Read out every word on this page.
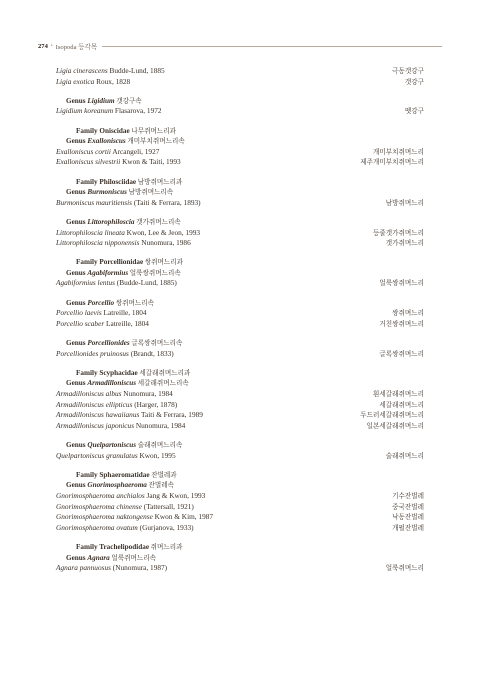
274 • Isopoda 등각목
Ligia cinerascens Budde-Lund, 1885	극동갯강구
Ligia exotica Roux, 1828	갯강구
Genus Ligidium 갯강구속
Ligidium koreanum Flasarova, 1972	뗏강구
Family Oniscidae 나무쥐며느리과
Genus Exalloniscus 개미부치쥐며느리속
Exalloniscus cortii Arcangeli, 1927	개미부치쥐며느리
Exalloniscus silvestrii Kwon & Taiti, 1993	제주개미부치쥐며느리
Family Philosciidae 남방쥐며느리과
Genus Burmoniscus 남방쥐며느리속
Burmoniscus mauritiensis (Taiti & Ferrara, 1893)	남방쥐며느리
Genus Littorophiloscia 갯가쥐며느리속
Littorophiloscia lineata Kwon, Lee & Jeon, 1993	등줄갯가쥐며느리
Littorophiloscia nipponensis Nunomura, 1986	갯가쥐며느리
Family Porcellionidae 쌍쥐며느리과
Genus Agabiformius 얼룩쌍쥐며느리속
Agabiformius lentus (Budde-Lund, 1885)	얼룩쌍쥐며느리
Genus Porcellio 쌍쥐며느리속
Porcellio laevis Latreille, 1804	쌍쥐며느리
Porcellio scaber Latreille, 1804	거친쌍쥐며느리
Genus Porcellionides 글록쌍쥐며느리속
Porcellionides pruinosus (Brandt, 1833)	글록쌍쥐며느리
Family Scyphacidae 세갈래쥐며느리과
Genus Armadilloniscus 세갈래쥐며느리속
Armadilloniscus albus Nunomura, 1984	흰세갈래쥐며느리
Armadilloniscus ellipticus (Harger, 1878)	세갈래쥐며느리
Armadilloniscus hawaiianus Taiti & Ferrara, 1989	두드러세갈래쥐며느리
Armadilloniscus japonicus Nunomura, 1984	일본세갈래쥐며느리
Genus Quelpartoniscus 술래쥐며느리속
Quelpartoniscus granulatus Kwon, 1995	술래쥐며느리
Family Sphaeromatidae 잔벌레과
Genus Gnorimosphaeroma 잔벌레속
Gnorimosphaeroma anchialos Jang & Kwon, 1993	기수잔벌레
Gnorimosphaeroma chinense (Tattersall, 1921)	중국잔벌레
Gnorimosphaeroma naktongense Kwon & Kim, 1987	낙동잔벌레
Gnorimosphaeroma ovatum (Gurjanova, 1933)	개펄잔벌레
Family Trachelipodidae 쥐며느리과
Genus Agnara 얼룩쥐며느리속
Agnara pannuosus (Nunomura, 1987)	얼룩쥐며느리
